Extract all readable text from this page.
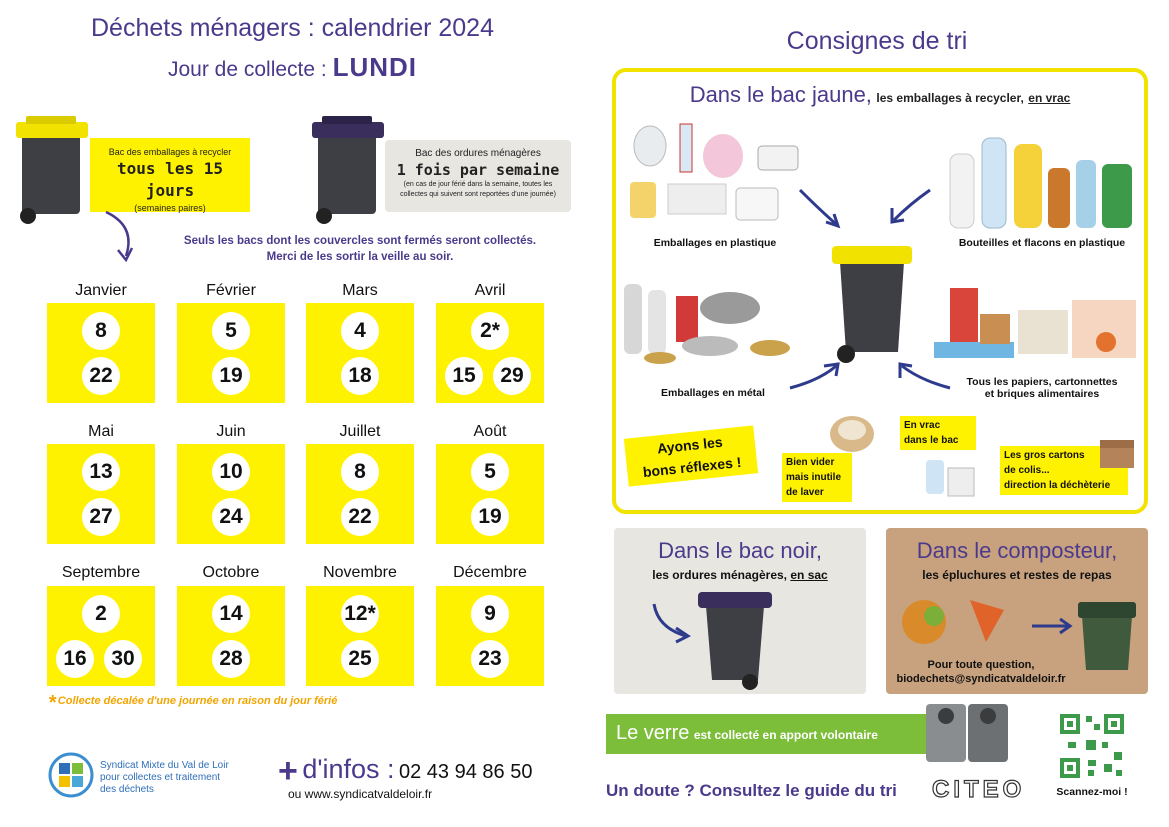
Déchets ménagers : calendrier 2024
Jour de collecte : LUNDI
Bac des emballages à recycler
tous les 15 jours
(semaines paires)
Bac des ordures ménagères
1 fois par semaine
(en cas de jour férié dans la semaine, toutes les collectes qui suivent sont reportées d'une journée)
Seuls les bacs dont les couvercles sont fermés seront collectés.
Merci de les sortir la veille au soir.
Janvier
8
22
Février
5
19
Mars
4
18
Avril
2*
15	29
Mai
13
27
Juin
10
24
Juillet
8
22
Août
5
19
Septembre
2
16	30
Octobre
14
28
Novembre
12*
25
Décembre
9
23
* Collecte décalée d'une journée en raison du jour férié
Syndicat Mixte du Val de Loir
pour collectes et traitement
des déchets	+ d'infos : 02 43 94 86 50
ou www.syndicatvaldeloir.fr
Consignes de tri
Dans le bac jaune, les emballages à recycler, en vrac
Emballages en plastique	Bouteilles et flacons en plastique
Emballages en métal
Tous les papiers, cartonnettes
et briques alimentaires
Ayons les
bons réflexes !	Bien vider
mais inutile
de laver
En vrac
dans le bac
Les gros cartons
de colis...
direction la déchèterie
Dans le bac noir,
les ordures ménagères, en sac
Dans le composteur,
les épluchures et restes de repas
Pour toute question,
biodechets@syndicatvaldeloir.fr
Le verre est collecté en apport volontaire
Un doute ? Consultez le guide du tri CITEO	Scannez-moi !
